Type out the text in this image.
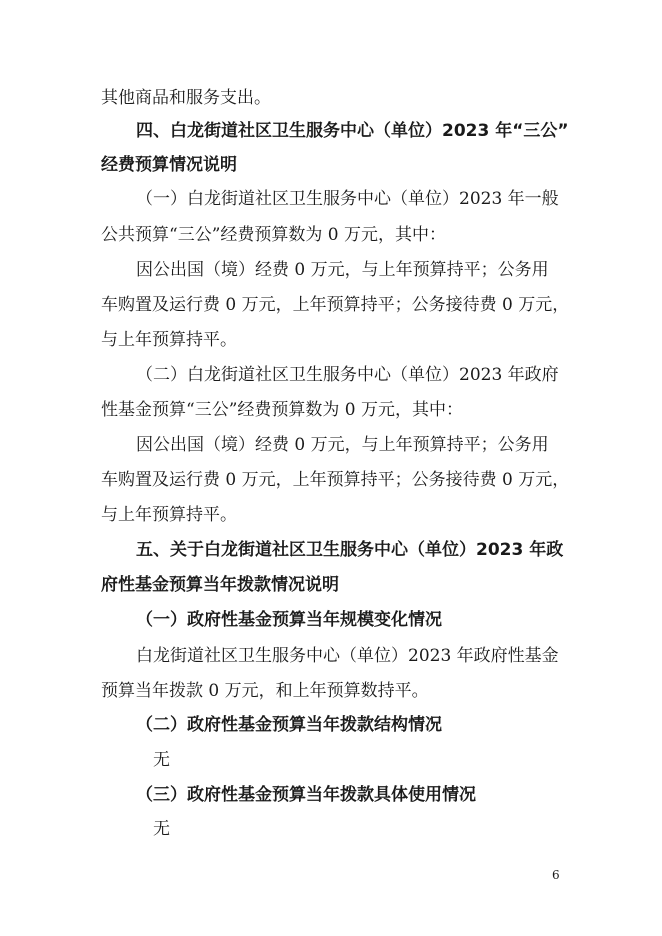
其他商品和服务支出。
四、白龙街道社区卫生服务中心（单位）2023 年“三公”
经费预算情况说明
（一）白龙街道社区卫生服务中心（单位）2023 年一般
公共预算“三公”经费预算数为 0 万元，其中：
因公出国（境）经费 0 万元，与上年预算持平；公务用
车购置及运行费 0 万元，上年预算持平；公务接待费 0 万元，
与上年预算持平。
（二）白龙街道社区卫生服务中心（单位）2023 年政府
性基金预算“三公”经费预算数为 0 万元，其中：
因公出国（境）经费 0 万元，与上年预算持平；公务用
车购置及运行费 0 万元，上年预算持平；公务接待费 0 万元，
与上年预算持平。
五、关于白龙街道社区卫生服务中心（单位）2023 年政
府性基金预算当年拨款情况说明
（一）政府性基金预算当年规模变化情况
白龙街道社区卫生服务中心（单位）2023 年政府性基金
预算当年拨款 0 万元，和上年预算数持平。
（二）政府性基金预算当年拨款结构情况
无
（三）政府性基金预算当年拨款具体使用情况
无
6
